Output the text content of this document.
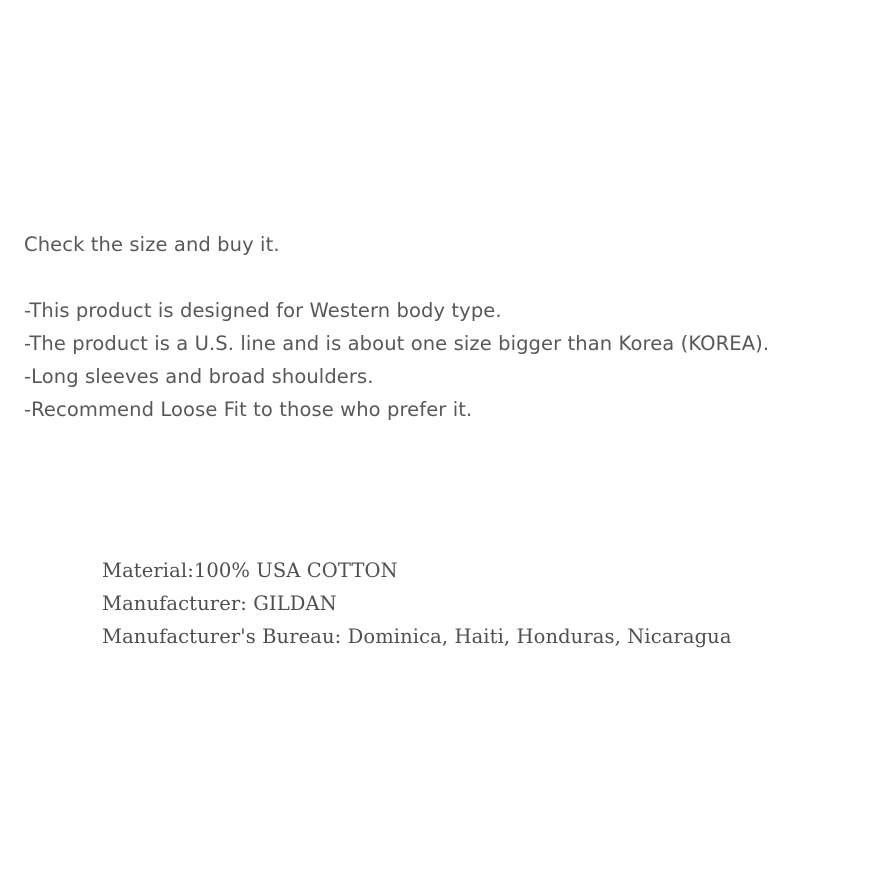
Check the size and buy it.
-This product is designed for Western body type.
-The product is a U.S. line and is about one size bigger than Korea (KOREA).
-Long sleeves and broad shoulders.
-Recommend Loose Fit to those who prefer it.
Material:100% USA COTTON
Manufacturer: GILDAN
Manufacturer's Bureau: Dominica, Haiti, Honduras, Nicaragua
